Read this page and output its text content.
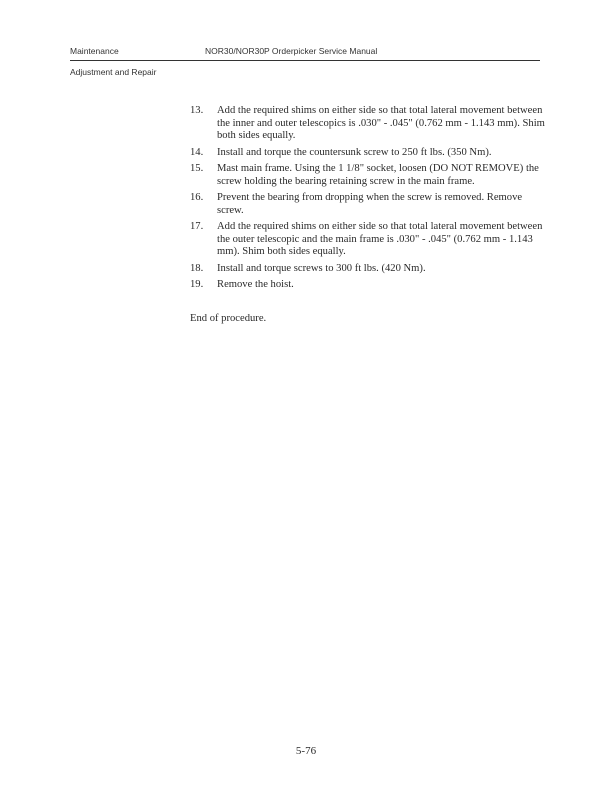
Maintenance	NOR30/NOR30P Orderpicker Service Manual
Adjustment and Repair
13. Add the required shims on either side so that total lateral movement between the inner and outer telescopics is .030" - .045" (0.762 mm - 1.143 mm). Shim both sides equally.
14. Install and torque the countersunk screw to 250 ft lbs. (350 Nm).
15. Mast main frame. Using the 1 1/8" socket, loosen (DO NOT REMOVE) the screw holding the bearing retaining screw in the main frame.
16. Prevent the bearing from dropping when the screw is removed. Remove screw.
17. Add the required shims on either side so that total lateral movement between the outer telescopic and the main frame is .030" - .045" (0.762 mm - 1.143 mm). Shim both sides equally.
18. Install and torque screws to 300 ft lbs. (420 Nm).
19. Remove the hoist.
End of procedure.
5-76
